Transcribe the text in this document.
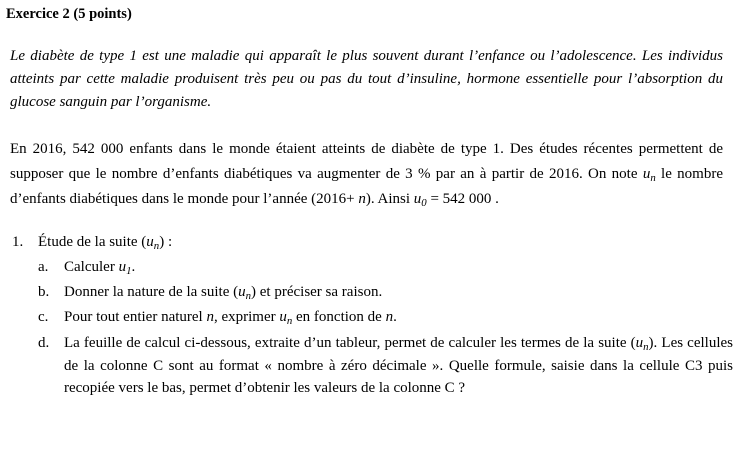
Exercice 2 (5 points)
Le diabète de type 1 est une maladie qui apparaît le plus souvent durant l’enfance ou l’adolescence. Les individus atteints par cette maladie produisent très peu ou pas du tout d’insuline, hormone essentielle pour l’absorption du glucose sanguin par l’organisme.
En 2016, 542 000 enfants dans le monde étaient atteints de diabète de type 1. Des études récentes permettent de supposer que le nombre d’enfants diabétiques va augmenter de 3 % par an à partir de 2016. On note $u_n$ le nombre d’enfants diabétiques dans le monde pour l’année (2016+ n). Ainsi $u_0 = 542$ 000 .
1. Étude de la suite $(u_n)$ :
a. Calculer $u_1$.
b. Donner la nature de la suite $(u_n)$ et préciser sa raison.
c. Pour tout entier naturel n, exprimer $u_n$ en fonction de n.
d. La feuille de calcul ci-dessous, extraite d’un tableur, permet de calculer les termes de la suite $(u_n)$. Les cellules de la colonne C sont au format « nombre à zéro décimale ». Quelle formule, saisie dans la cellule C3 puis recopiée vers le bas, permet d’obtenir les valeurs de la colonne C ?
